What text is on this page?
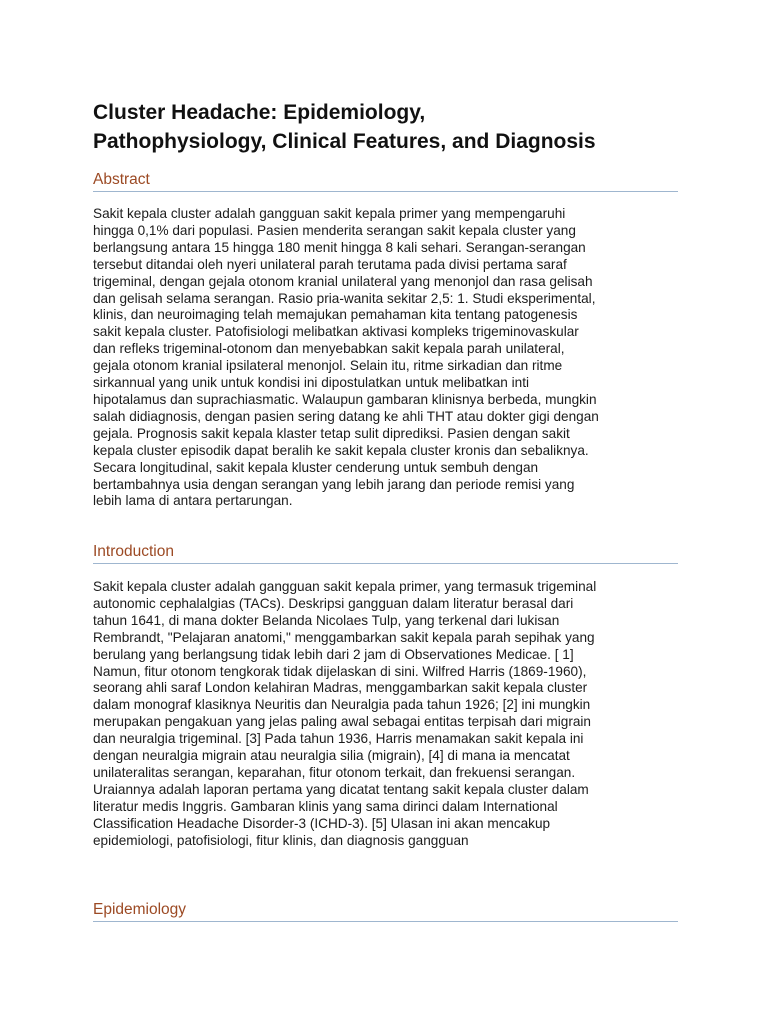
Cluster Headache: Epidemiology,
Pathophysiology, Clinical Features, and Diagnosis
Abstract

Sakit kepala cluster adalah gangguan sakit kepala primer yang mempengaruhi
hingga 0,1% dari populasi. Pasien menderita serangan sakit kepala cluster yang
berlangsung antara 15 hingga 180 menit hingga 8 kali sehari. Serangan-serangan
tersebut ditandai oleh nyeri unilateral parah terutama pada divisi pertama saraf
trigeminal, dengan gejala otonom kranial unilateral yang menonjol dan rasa gelisah
dan gelisah selama serangan. Rasio pria-wanita sekitar 2,5: 1. Studi eksperimental,
klinis, dan neuroimaging telah memajukan pemahaman kita tentang patogenesis
sakit kepala cluster. Patofisiologi melibatkan aktivasi kompleks trigeminovaskular
dan refleks trigeminal-otonom dan menyebabkan sakit kepala parah unilateral,
gejala otonom kranial ipsilateral menonjol. Selain itu, ritme sirkadian dan ritme
sirkannual yang unik untuk kondisi ini dipostulatkan untuk melibatkan inti
hipotalamus dan suprachiasmatic. Walaupun gambaran klinisnya berbeda, mungkin
salah didiagnosis, dengan pasien sering datang ke ahli THT atau dokter gigi dengan
gejala. Prognosis sakit kepala klaster tetap sulit diprediksi. Pasien dengan sakit
kepala cluster episodik dapat beralih ke sakit kepala cluster kronis dan sebaliknya.
Secara longitudinal, sakit kepala kluster cenderung untuk sembuh dengan
bertambahnya usia dengan serangan yang lebih jarang dan periode remisi yang
lebih lama di antara pertarungan.

Introduction

Sakit kepala cluster adalah gangguan sakit kepala primer, yang termasuk trigeminal
autonomic cephalalgias (TACs). Deskripsi gangguan dalam literatur berasal dari
tahun 1641, di mana dokter Belanda Nicolaes Tulp, yang terkenal dari lukisan
Rembrandt, "Pelajaran anatomi," menggambarkan sakit kepala parah sepihak yang
berulang yang berlangsung tidak lebih dari 2 jam di Observationes Medicae. [ 1]
Namun, fitur otonom tengkorak tidak dijelaskan di sini. Wilfred Harris (1869-1960),
seorang ahli saraf London kelahiran Madras, menggambarkan sakit kepala cluster
dalam monograf klasiknya Neuritis dan Neuralgia pada tahun 1926; [2] ini mungkin
merupakan pengakuan yang jelas paling awal sebagai entitas terpisah dari migrain
dan neuralgia trigeminal. [3] Pada tahun 1936, Harris menamakan sakit kepala ini
dengan neuralgia migrain atau neuralgia silia (migrain), [4] di mana ia mencatat
unilateralitas serangan, keparahan, fitur otonom terkait, dan frekuensi serangan.
Uraiannya adalah laporan pertama yang dicatat tentang sakit kepala cluster dalam
literatur medis Inggris. Gambaran klinis yang sama dirinci dalam International
Classification Headache Disorder-3 (ICHD-3). [5] Ulasan ini akan mencakup
epidemiologi, patofisiologi, fitur klinis, dan diagnosis gangguan

Epidemiology
